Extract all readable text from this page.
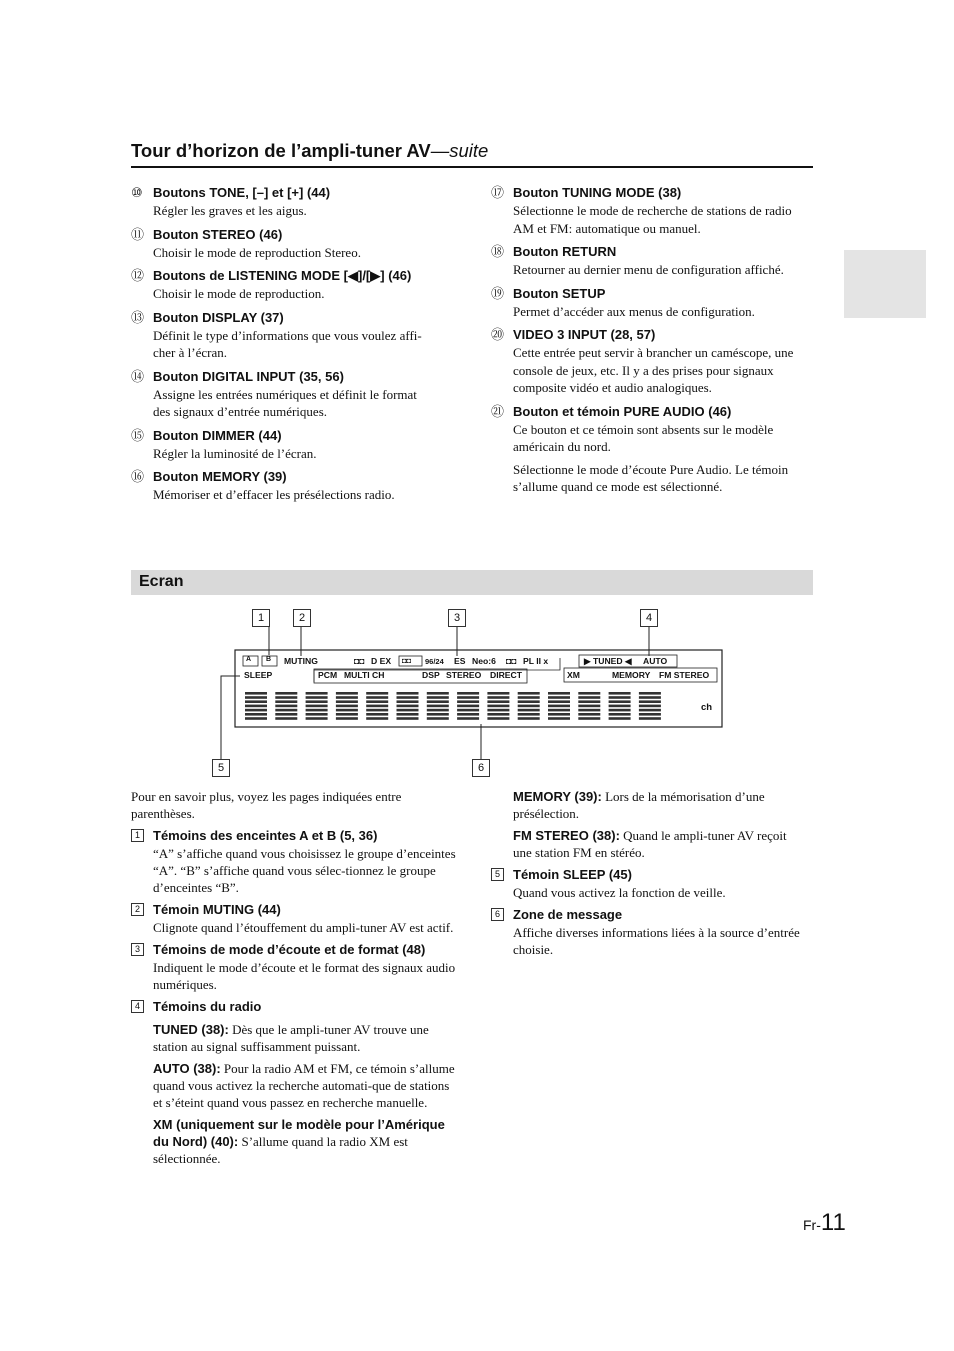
Tour d’horizon de l’ampli-tuner AV—suite
⑩ Boutons TONE, [–] et [+] (44)
Régler les graves et les aigus.
⑪ Bouton STEREO (46)
Choisir le mode de reproduction Stereo.
⑫ Boutons de LISTENING MODE [◀]/[▶] (46)
Choisir le mode de reproduction.
⑬ Bouton DISPLAY (37)
Définit le type d’informations que vous voulez affi-cher à l’écran.
⑭ Bouton DIGITAL INPUT (35, 56)
Assigne les entrées numériques et définit le format des signaux d’entrée numériques.
⑮ Bouton DIMMER (44)
Régler la luminosité de l’écran.
⑯ Bouton MEMORY (39)
Mémoriser et d’effacer les présélections radio.
⑰ Bouton TUNING MODE (38)
Sélectionne le mode de recherche de stations de radio AM et FM: automatique ou manuel.
⑱ Bouton RETURN
Retourner au dernier menu de configuration affiché.
⑲ Bouton SETUP
Permet d’accéder aux menus de configuration.
⑳ VIDEO 3 INPUT (28, 57)
Cette entrée peut servir à brancher un caméscope, une console de jeux, etc. Il y a des prises pour signaux composite vidéo et audio analogiques.
㉑ Bouton et témoin PURE AUDIO (46)
Ce bouton et ce témoin sont absents sur le modèle américain du nord.
Sélectionne le mode d’écoute Pure Audio. Le témoin s’allume quand ce mode est sélectionné.
Ecran
A B MUTING
SLEEP
◘◘ D EX ◘◘ 96/24 ES Neo:6 ◘◘ PL II x
PCM MULTI CH	DSP STEREO DIRECT
▶ TUNED ◀ AUTO
XM	MEMORY FM STEREO
ch
1	2	3	4
5	6
Pour en savoir plus, voyez les pages indiquées entre parenthèses.
1	Témoins des enceintes A et B (5, 36)
“A” s’affiche quand vous choisissez le groupe d’enceintes “A”. “B” s’affiche quand vous sélec-tionnez le groupe d’enceintes “B”.
2	Témoin MUTING (44)
Clignote quand l’étouffement du ampli-tuner AV est actif.
3	Témoins de mode d’écoute et de format (48)
Indiquent le mode d’écoute et le format des signaux audio numériques.
4	Témoins du radio
TUNED (38): Dès que le ampli-tuner AV trouve une station au signal suffisamment puissant.
AUTO (38): Pour la radio AM et FM, ce témoin s’allume quand vous activez la recherche automati-que de stations et s’éteint quand vous passez en recherche manuelle.
XM (uniquement sur le modèle pour l’Amérique du Nord) (40): S’allume quand la radio XM est sélectionnée.
MEMORY (39): Lors de la mémorisation d’une présélection.
FM STEREO (38): Quand le ampli-tuner AV reçoit une station FM en stéréo.
5	Témoin SLEEP (45)
Quand vous activez la fonction de veille.
6	Zone de message
Affiche diverses informations liées à la source d’entrée choisie.
Fr-11
